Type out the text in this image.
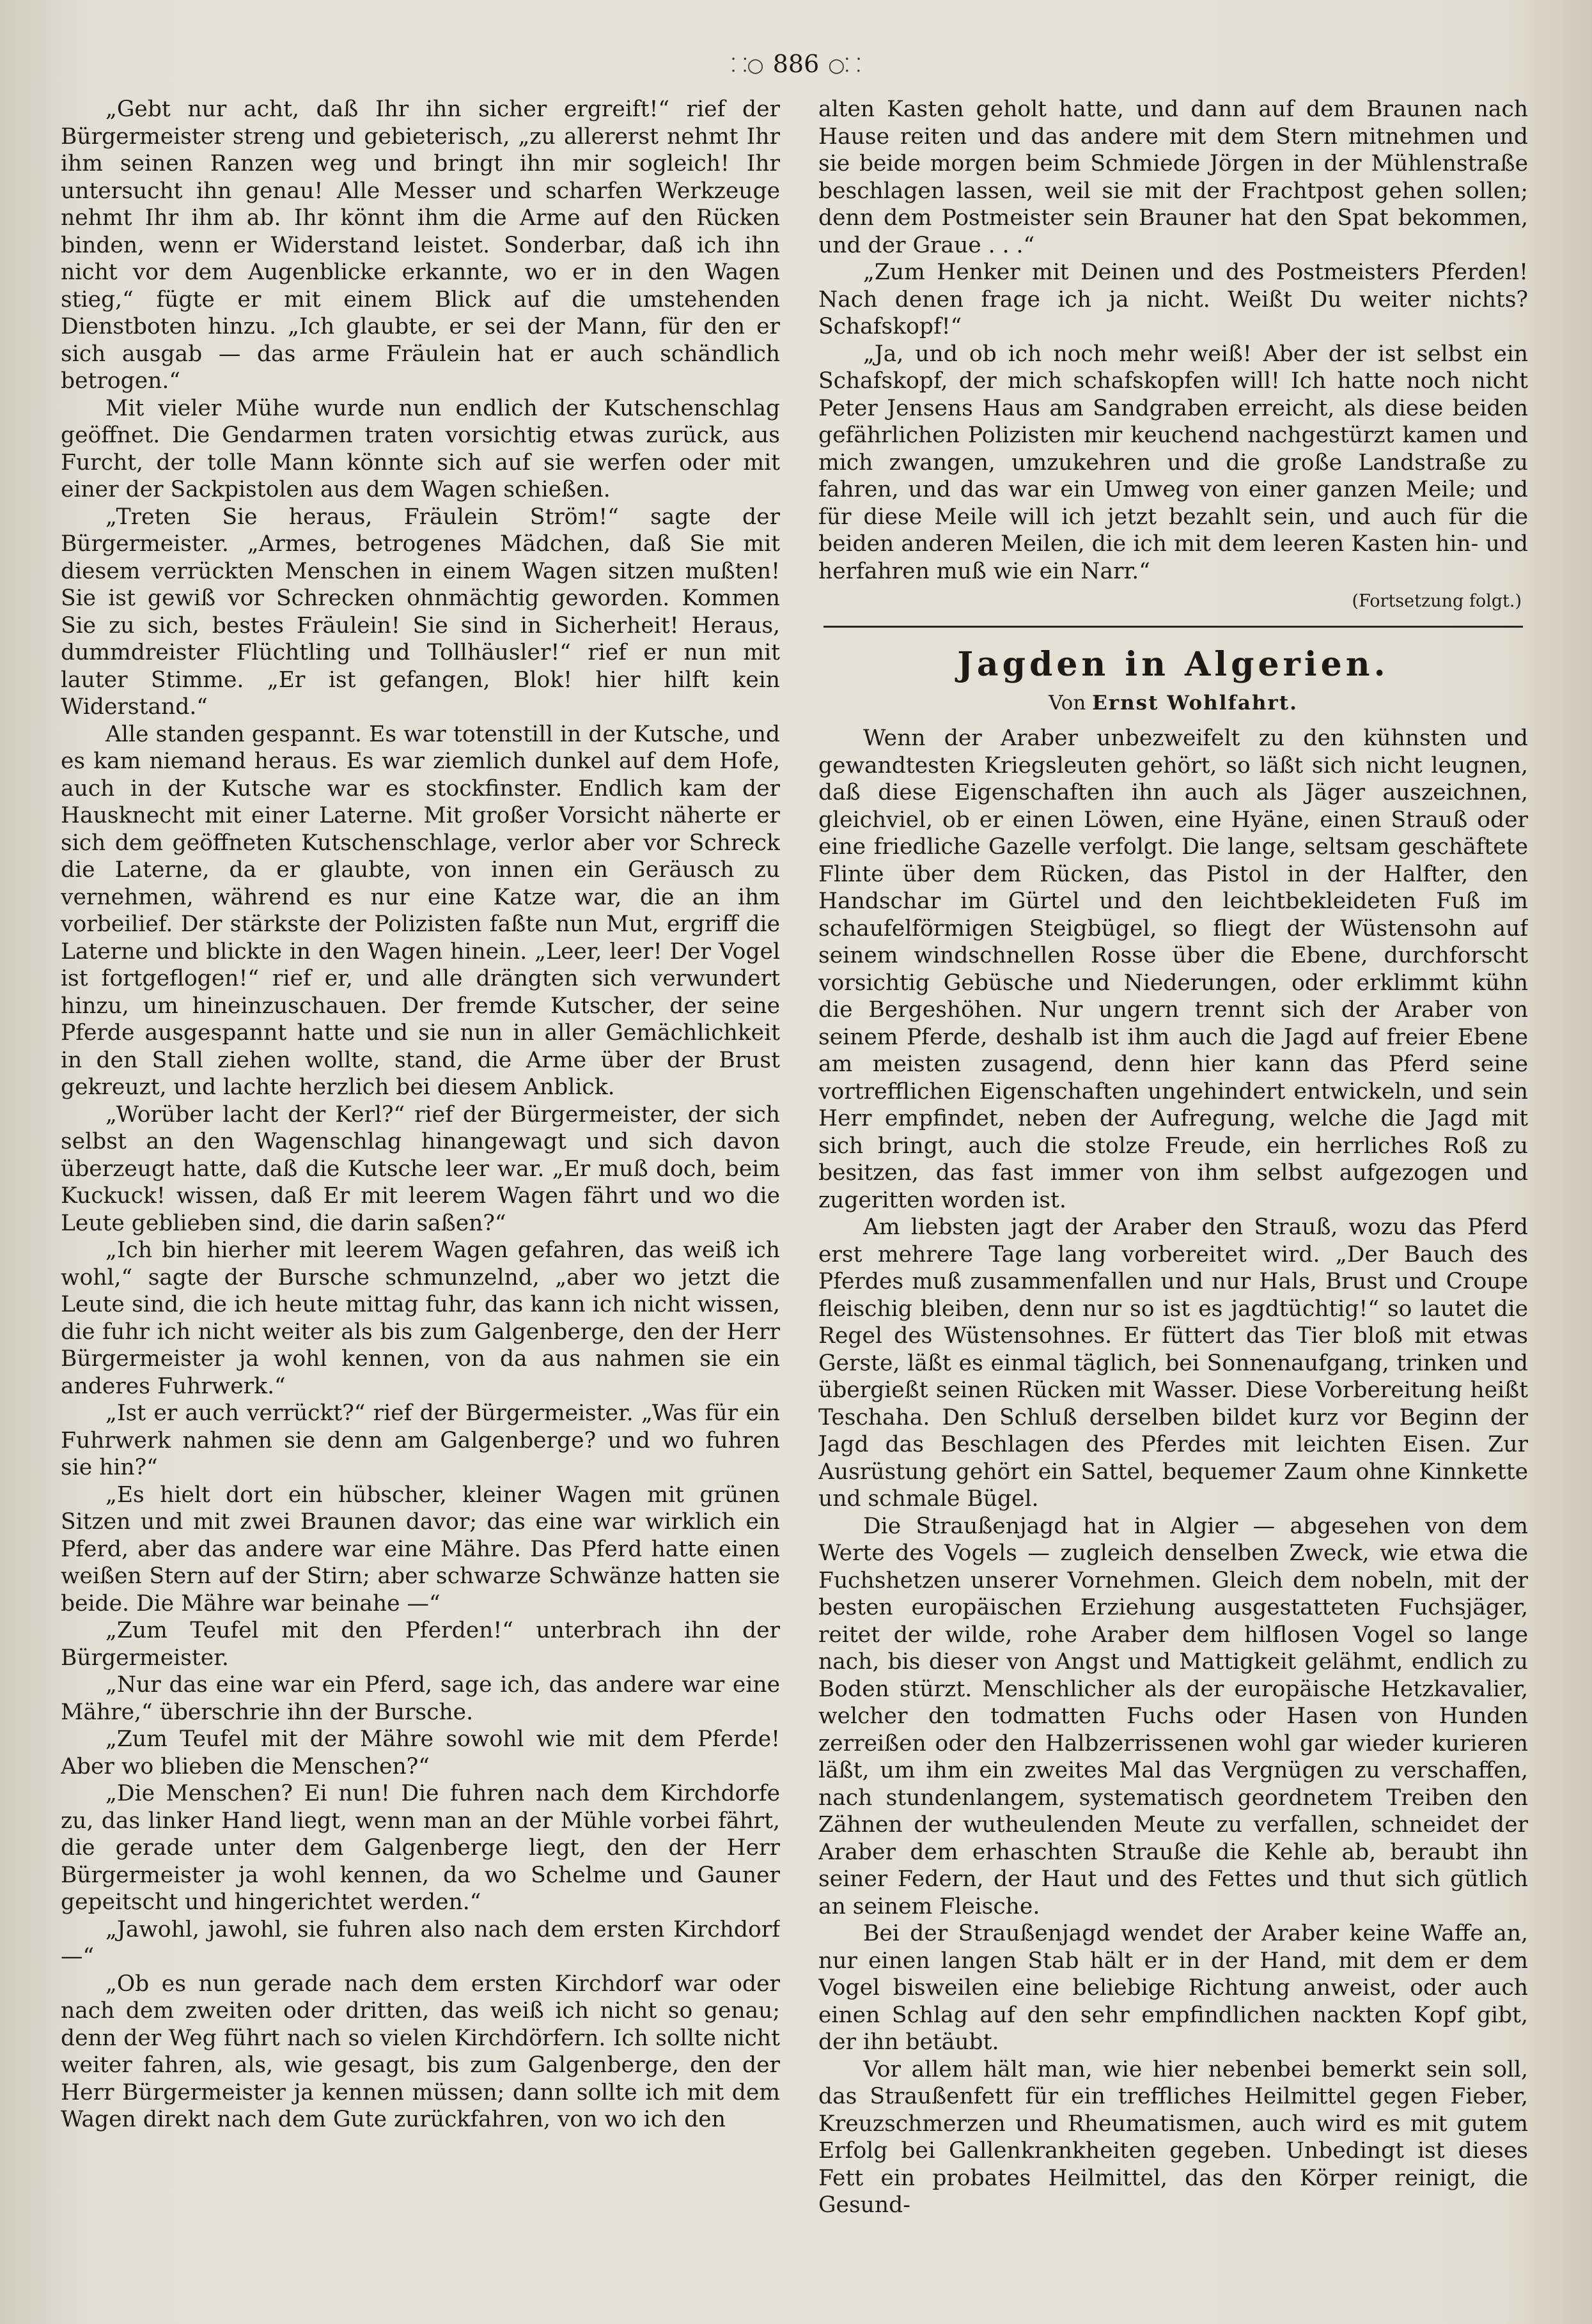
⸬○ 886 ○⸬

„Gebt nur acht, daß Ihr ihn sicher ergreift!“ rief der Bürgermeister streng und gebieterisch, „zu allererst nehmt Ihr ihm seinen Ranzen weg und bringt ihn mir sogleich! Ihr untersucht ihn genau! Alle Messer und scharfen Werkzeuge nehmt Ihr ihm ab. Ihr könnt ihm die Arme auf den Rücken binden, wenn er Widerstand leistet. Sonderbar, daß ich ihn nicht vor dem Augenblicke erkannte, wo er in den Wagen stieg,“ fügte er mit einem Blick auf die umstehenden Dienstboten hinzu. „Ich glaubte, er sei der Mann, für den er sich ausgab — das arme Fräulein hat er auch schändlich betrogen.“

Mit vieler Mühe wurde nun endlich der Kutschenschlag geöffnet. Die Gendarmen traten vorsichtig etwas zurück, aus Furcht, der tolle Mann könnte sich auf sie werfen oder mit einer der Sackpistolen aus dem Wagen schießen.

„Treten Sie heraus, Fräulein Ström!“ sagte der Bürgermeister. „Armes, betrogenes Mädchen, daß Sie mit diesem verrückten Menschen in einem Wagen sitzen mußten! Sie ist gewiß vor Schrecken ohnmächtig geworden. Kommen Sie zu sich, bestes Fräulein! Sie sind in Sicherheit! Heraus, dummdreister Flüchtling und Tollhäusler!“ rief er nun mit lauter Stimme. „Er ist gefangen, Blok! hier hilft kein Widerstand.“

Alle standen gespannt. Es war totenstill in der Kutsche, und es kam niemand heraus. Es war ziemlich dunkel auf dem Hofe, auch in der Kutsche war es stockfinster. Endlich kam der Hausknecht mit einer Laterne. Mit großer Vorsicht näherte er sich dem geöffneten Kutschenschlage, verlor aber vor Schreck die Laterne, da er glaubte, von innen ein Geräusch zu vernehmen, während es nur eine Katze war, die an ihm vorbeilief. Der stärkste der Polizisten faßte nun Mut, ergriff die Laterne und blickte in den Wagen hinein. „Leer, leer! Der Vogel ist fortgeflogen!“ rief er, und alle drängten sich verwundert hinzu, um hineinzuschauen. Der fremde Kutscher, der seine Pferde ausgespannt hatte und sie nun in aller Gemächlichkeit in den Stall ziehen wollte, stand, die Arme über der Brust gekreuzt, und lachte herzlich bei diesem Anblick.

„Worüber lacht der Kerl?“ rief der Bürgermeister, der sich selbst an den Wagenschlag hinangewagt und sich davon überzeugt hatte, daß die Kutsche leer war. „Er muß doch, beim Kuckuck! wissen, daß Er mit leerem Wagen fährt und wo die Leute geblieben sind, die darin saßen?“

„Ich bin hierher mit leerem Wagen gefahren, das weiß ich wohl,“ sagte der Bursche schmunzelnd, „aber wo jetzt die Leute sind, die ich heute mittag fuhr, das kann ich nicht wissen, die fuhr ich nicht weiter als bis zum Galgenberge, den der Herr Bürgermeister ja wohl kennen, von da aus nahmen sie ein anderes Fuhrwerk.“

„Ist er auch verrückt?“ rief der Bürgermeister. „Was für ein Fuhrwerk nahmen sie denn am Galgenberge? und wo fuhren sie hin?“

„Es hielt dort ein hübscher, kleiner Wagen mit grünen Sitzen und mit zwei Braunen davor; das eine war wirklich ein Pferd, aber das andere war eine Mähre. Das Pferd hatte einen weißen Stern auf der Stirn; aber schwarze Schwänze hatten sie beide. Die Mähre war beinahe —“

„Zum Teufel mit den Pferden!“ unterbrach ihn der Bürgermeister.

„Nur das eine war ein Pferd, sage ich, das andere war eine Mähre,“ überschrie ihn der Bursche.

„Zum Teufel mit der Mähre sowohl wie mit dem Pferde! Aber wo blieben die Menschen?“

„Die Menschen? Ei nun! Die fuhren nach dem Kirchdorfe zu, das linker Hand liegt, wenn man an der Mühle vorbei fährt, die gerade unter dem Galgenberge liegt, den der Herr Bürgermeister ja wohl kennen, da wo Schelme und Gauner gepeitscht und hingerichtet werden.“

„Jawohl, jawohl, sie fuhren also nach dem ersten Kirchdorf —“

„Ob es nun gerade nach dem ersten Kirchdorf war oder nach dem zweiten oder dritten, das weiß ich nicht so genau; denn der Weg führt nach so vielen Kirchdörfern. Ich sollte nicht weiter fahren, als, wie gesagt, bis zum Galgenberge, den der Herr Bürgermeister ja kennen müssen; dann sollte ich mit dem Wagen direkt nach dem Gute zurückfahren, von wo ich den

alten Kasten geholt hatte, und dann auf dem Braunen nach Hause reiten und das andere mit dem Stern mitnehmen und sie beide morgen beim Schmiede Jörgen in der Mühlenstraße beschlagen lassen, weil sie mit der Frachtpost gehen sollen; denn dem Postmeister sein Brauner hat den Spat bekommen, und der Graue . . .“

„Zum Henker mit Deinen und des Postmeisters Pferden! Nach denen frage ich ja nicht. Weißt Du weiter nichts? Schafskopf!“

„Ja, und ob ich noch mehr weiß! Aber der ist selbst ein Schafskopf, der mich schafskopfen will! Ich hatte noch nicht Peter Jensens Haus am Sandgraben erreicht, als diese beiden gefährlichen Polizisten mir keuchend nachgestürzt kamen und mich zwangen, umzukehren und die große Landstraße zu fahren, und das war ein Umweg von einer ganzen Meile; und für diese Meile will ich jetzt bezahlt sein, und auch für die beiden anderen Meilen, die ich mit dem leeren Kasten hin- und herfahren muß wie ein Narr.“

(Fortsetzung folgt.)
Jagden in Algerien.
Von Ernst Wohlfahrt.

Wenn der Araber unbezweifelt zu den kühnsten und gewandtesten Kriegsleuten gehört, so läßt sich nicht leugnen, daß diese Eigenschaften ihn auch als Jäger auszeichnen, gleichviel, ob er einen Löwen, eine Hyäne, einen Strauß oder eine friedliche Gazelle verfolgt. Die lange, seltsam geschäftete Flinte über dem Rücken, das Pistol in der Halfter, den Handschar im Gürtel und den leichtbekleideten Fuß im schaufelförmigen Steigbügel, so fliegt der Wüstensohn auf seinem windschnellen Rosse über die Ebene, durchforscht vorsichtig Gebüsche und Niederungen, oder erklimmt kühn die Bergeshöhen. Nur ungern trennt sich der Araber von seinem Pferde, deshalb ist ihm auch die Jagd auf freier Ebene am meisten zusagend, denn hier kann das Pferd seine vortrefflichen Eigenschaften ungehindert entwickeln, und sein Herr empfindet, neben der Aufregung, welche die Jagd mit sich bringt, auch die stolze Freude, ein herrliches Roß zu besitzen, das fast immer von ihm selbst aufgezogen und zugeritten worden ist.

Am liebsten jagt der Araber den Strauß, wozu das Pferd erst mehrere Tage lang vorbereitet wird. „Der Bauch des Pferdes muß zusammenfallen und nur Hals, Brust und Croupe fleischig bleiben, denn nur so ist es jagdtüchtig!“ so lautet die Regel des Wüstensohnes. Er füttert das Tier bloß mit etwas Gerste, läßt es einmal täglich, bei Sonnenaufgang, trinken und übergießt seinen Rücken mit Wasser. Diese Vorbereitung heißt Teschaha. Den Schluß derselben bildet kurz vor Beginn der Jagd das Beschlagen des Pferdes mit leichten Eisen. Zur Ausrüstung gehört ein Sattel, bequemer Zaum ohne Kinnkette und schmale Bügel.

Die Straußenjagd hat in Algier — abgesehen von dem Werte des Vogels — zugleich denselben Zweck, wie etwa die Fuchshetzen unserer Vornehmen. Gleich dem nobeln, mit der besten europäischen Erziehung ausgestatteten Fuchsjäger, reitet der wilde, rohe Araber dem hilflosen Vogel so lange nach, bis dieser von Angst und Mattigkeit gelähmt, endlich zu Boden stürzt. Menschlicher als der europäische Hetzkavalier, welcher den todmatten Fuchs oder Hasen von Hunden zerreißen oder den Halbzerrissenen wohl gar wieder kurieren läßt, um ihm ein zweites Mal das Vergnügen zu verschaffen, nach stundenlangem, systematisch geordnetem Treiben den Zähnen der wutheulenden Meute zu verfallen, schneidet der Araber dem erhaschten Strauße die Kehle ab, beraubt ihn seiner Federn, der Haut und des Fettes und thut sich gütlich an seinem Fleische.

Bei der Straußenjagd wendet der Araber keine Waffe an, nur einen langen Stab hält er in der Hand, mit dem er dem Vogel bisweilen eine beliebige Richtung anweist, oder auch einen Schlag auf den sehr empfindlichen nackten Kopf gibt, der ihn betäubt.

Vor allem hält man, wie hier nebenbei bemerkt sein soll, das Straußenfett für ein treffliches Heilmittel gegen Fieber, Kreuzschmerzen und Rheumatismen, auch wird es mit gutem Erfolg bei Gallenkrankheiten gegeben. Unbedingt ist dieses Fett ein probates Heilmittel, das den Körper reinigt, die Gesund-
